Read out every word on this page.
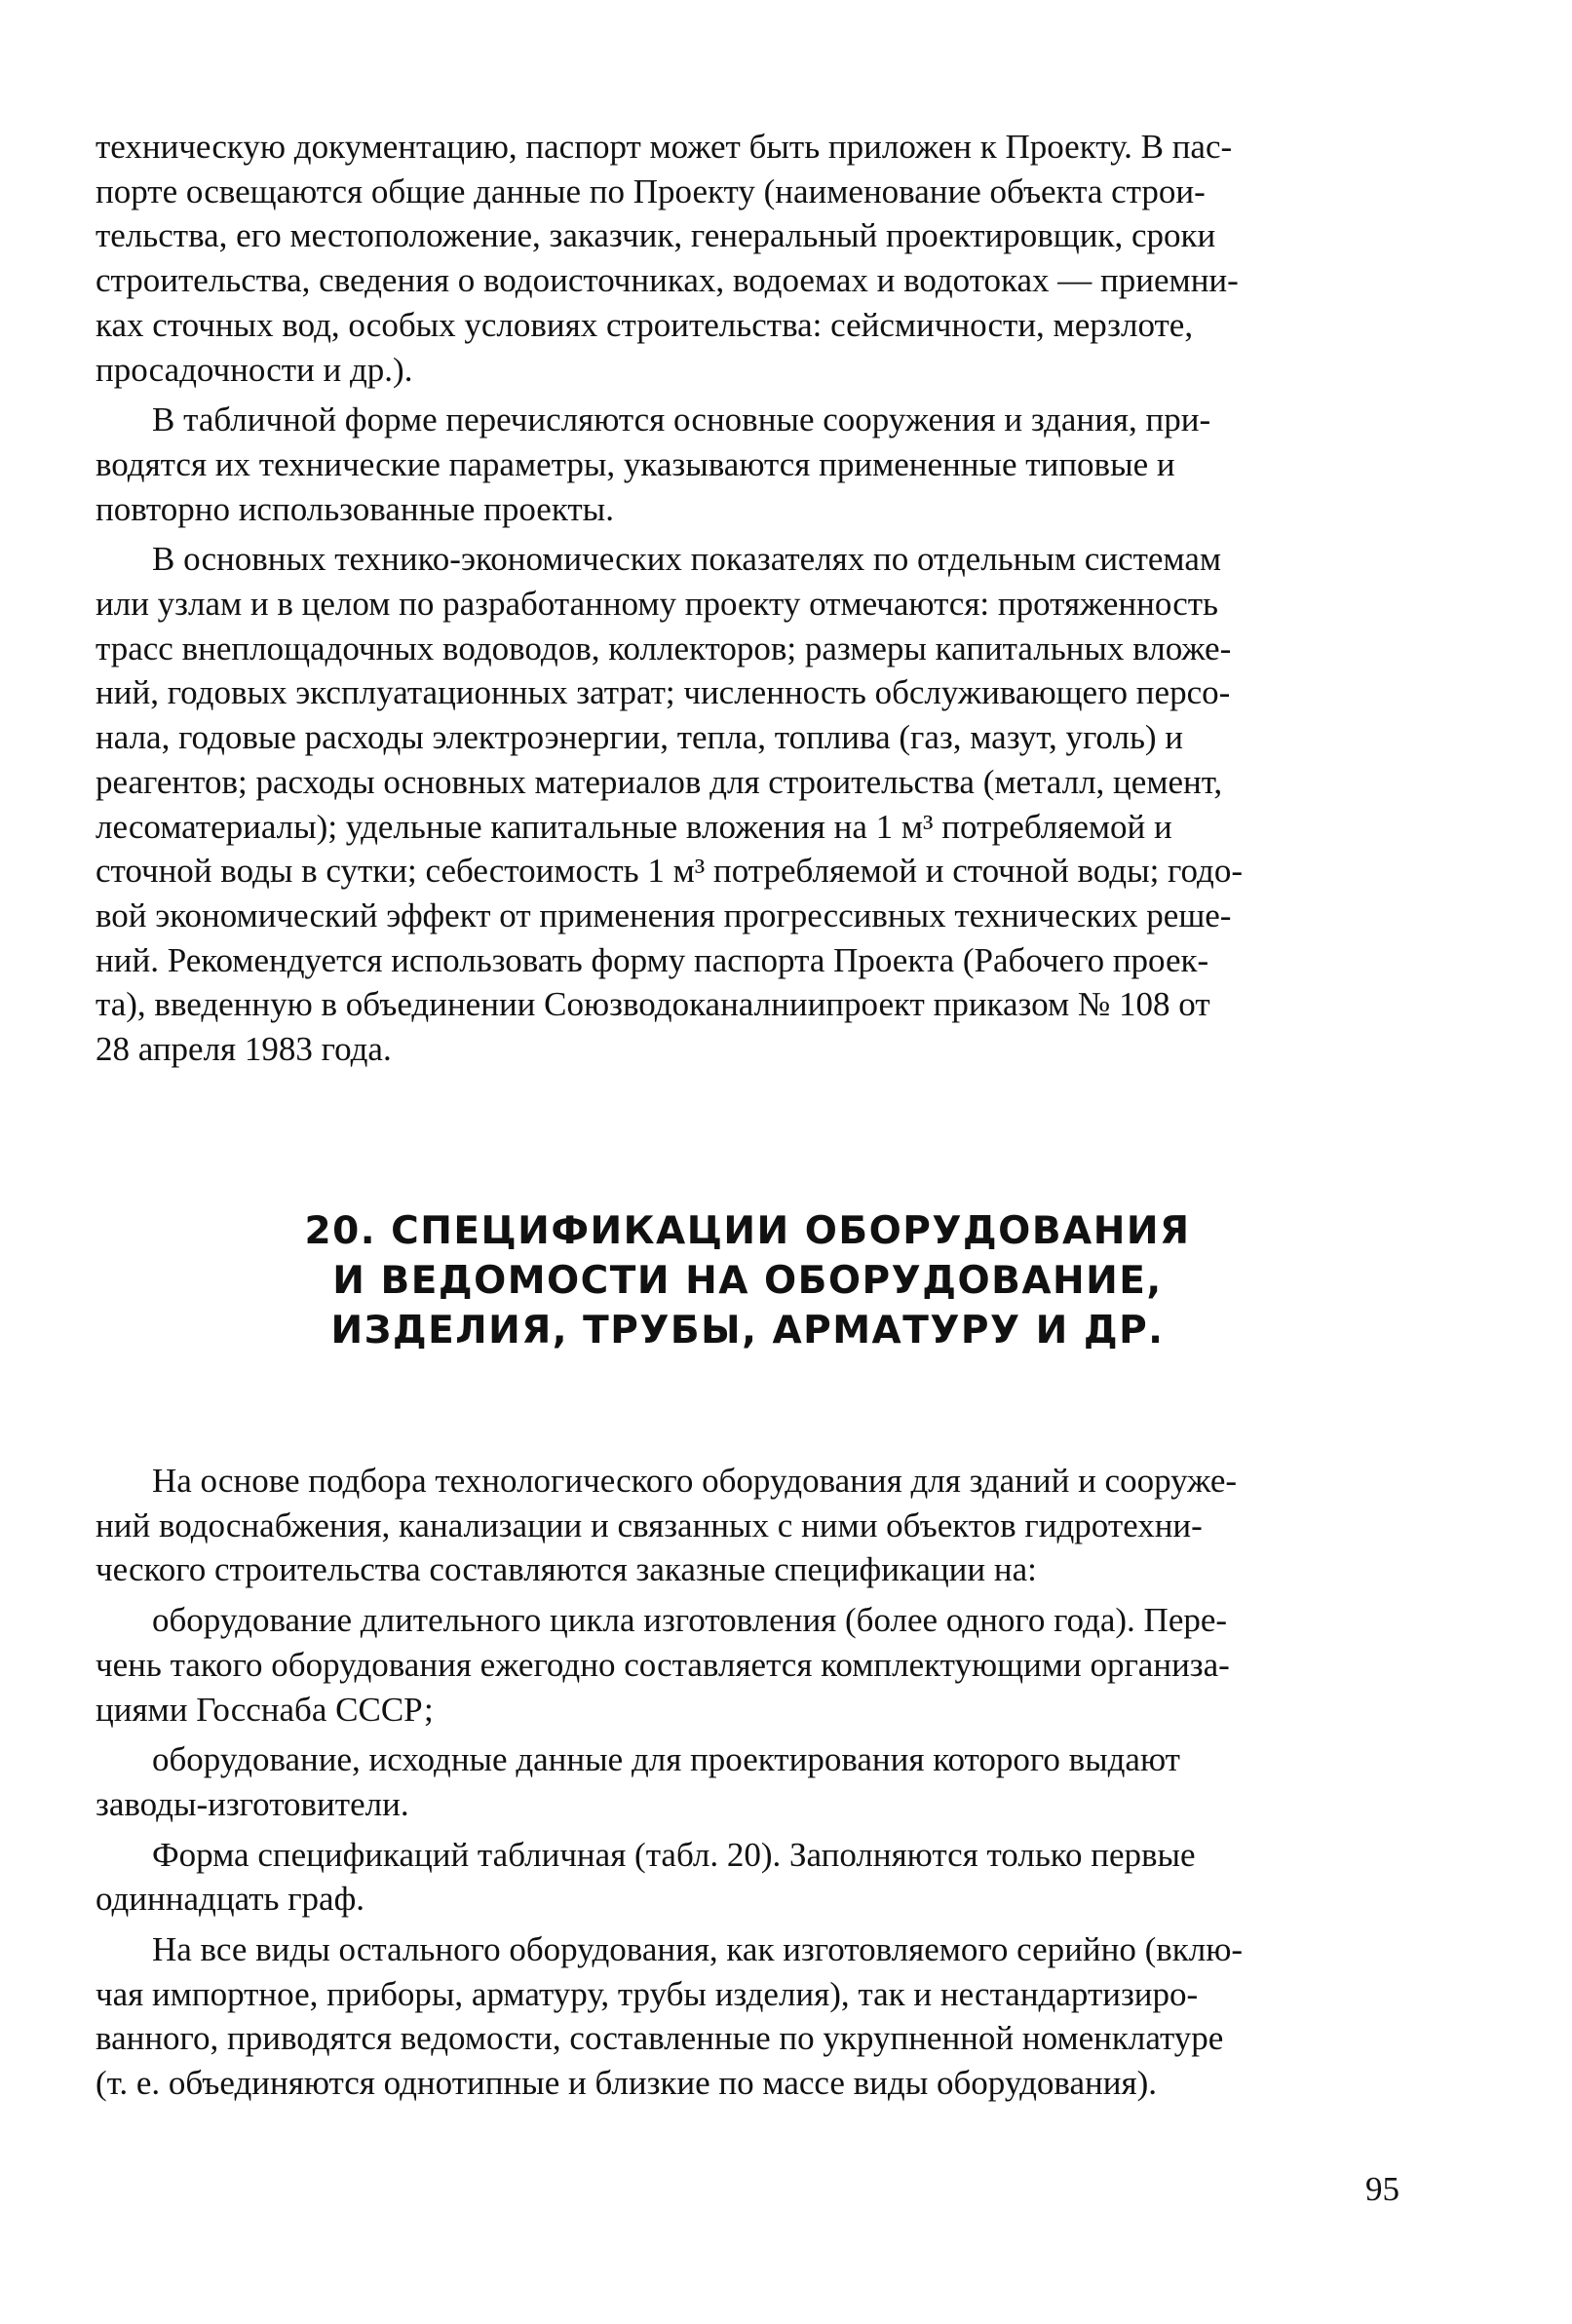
техническую документацию, паспорт может быть приложен к Проекту. В пас-
порте освещаются общие данные по Проекту (наименование объекта строи-
тельства, его местоположение, заказчик, генеральный проектировщик, сроки
строительства, сведения о водоисточниках, водоемах и водотоках — приемни-
ках сточных вод, особых условиях строительства: сейсмичности, мерзлоте,
просадочности и др.).

В табличной форме перечисляются основные сооружения и здания, при-
водятся их технические параметры, указываются примененные типовые и
повторно использованные проекты.

В основных технико-экономических показателях по отдельным системам
или узлам и в целом по разработанному проекту отмечаются: протяженность
трасс внеплощадочных водоводов, коллекторов; размеры капитальных вложе-
ний, годовых эксплуатационных затрат; численность обслуживающего персо-
нала, годовые расходы электроэнергии, тепла, топлива (газ, мазут, уголь) и
реагентов; расходы основных материалов для строительства (металл, цемент,
лесоматериалы); удельные капитальные вложения на 1 м³ потребляемой и
сточной воды в сутки; себестоимость 1 м³ потребляемой и сточной воды; годо-
вой экономический эффект от применения прогрессивных технических реше-
ний. Рекомендуется использовать форму паспорта Проекта (Рабочего проек-
та), введенную в объединении Союзводоканалниипроект приказом № 108 от
28 апреля 1983 года.

20. СПЕЦИФИКАЦИИ ОБОРУДОВАНИЯ
И ВЕДОМОСТИ НА ОБОРУДОВАНИЕ,
ИЗДЕЛИЯ, ТРУБЫ, АРМАТУРУ И ДР.

На основе подбора технологического оборудования для зданий и сооруже-
ний водоснабжения, канализации и связанных с ними объектов гидротехни-
ческого строительства составляются заказные спецификации на:

оборудование длительного цикла изготовления (более одного года). Пере-
чень такого оборудования ежегодно составляется комплектующими организа-
циями Госснаба СССР;

оборудование, исходные данные для проектирования которого выдают
заводы-изготовители.

Форма спецификаций табличная (табл. 20). Заполняются только первые
одиннадцать граф.

На все виды остального оборудования, как изготовляемого серийно (вклю-
чая импортное, приборы, арматуру, трубы изделия), так и нестандартизиро-
ванного, приводятся ведомости, составленные по укрупненной номенклатуре
(т. е. объединяются однотипные и близкие по массе виды оборудования).

95
